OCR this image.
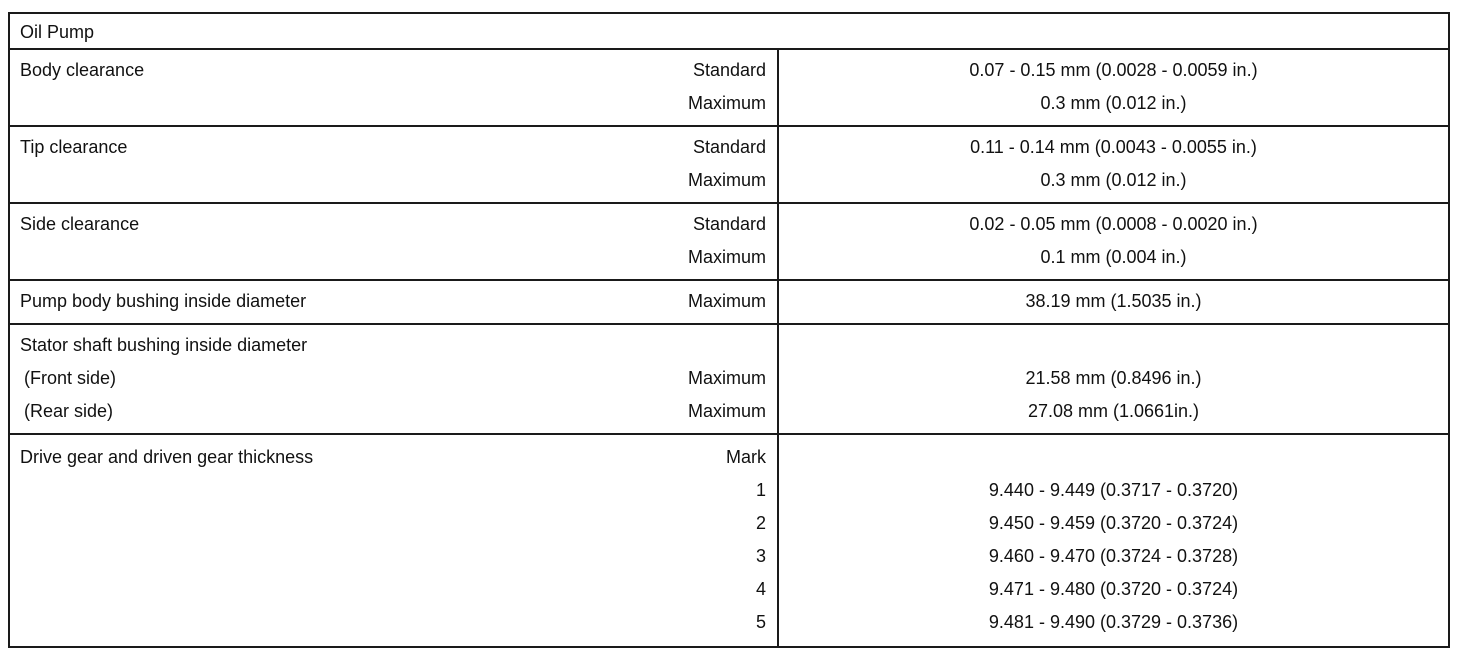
Oil Pump
Body clearance	Standard	0.07 - 0.15 mm (0.0028 - 0.0059 in.)
Maximum	0.3 mm (0.012 in.)
Tip clearance	Standard	0.11 - 0.14 mm (0.0043 - 0.0055 in.)
Maximum	0.3 mm (0.012 in.)
Side clearance	Standard	0.02 - 0.05 mm (0.0008 - 0.0020 in.)
Maximum	0.1 mm (0.004 in.)
Pump body bushing inside diameter	Maximum	38.19 mm (1.5035 in.)
Stator shaft bushing inside diameter
(Front side)	Maximum	21.58 mm (0.8496 in.)
(Rear side)	Maximum	27.08 mm (1.0661in.)
Drive gear and driven gear thickness	Mark
1	9.440 - 9.449 (0.3717 - 0.3720)
2	9.450 - 9.459 (0.3720 - 0.3724)
3	9.460 - 9.470 (0.3724 - 0.3728)
4	9.471 - 9.480 (0.3720 - 0.3724)
5	9.481 - 9.490 (0.3729 - 0.3736)
